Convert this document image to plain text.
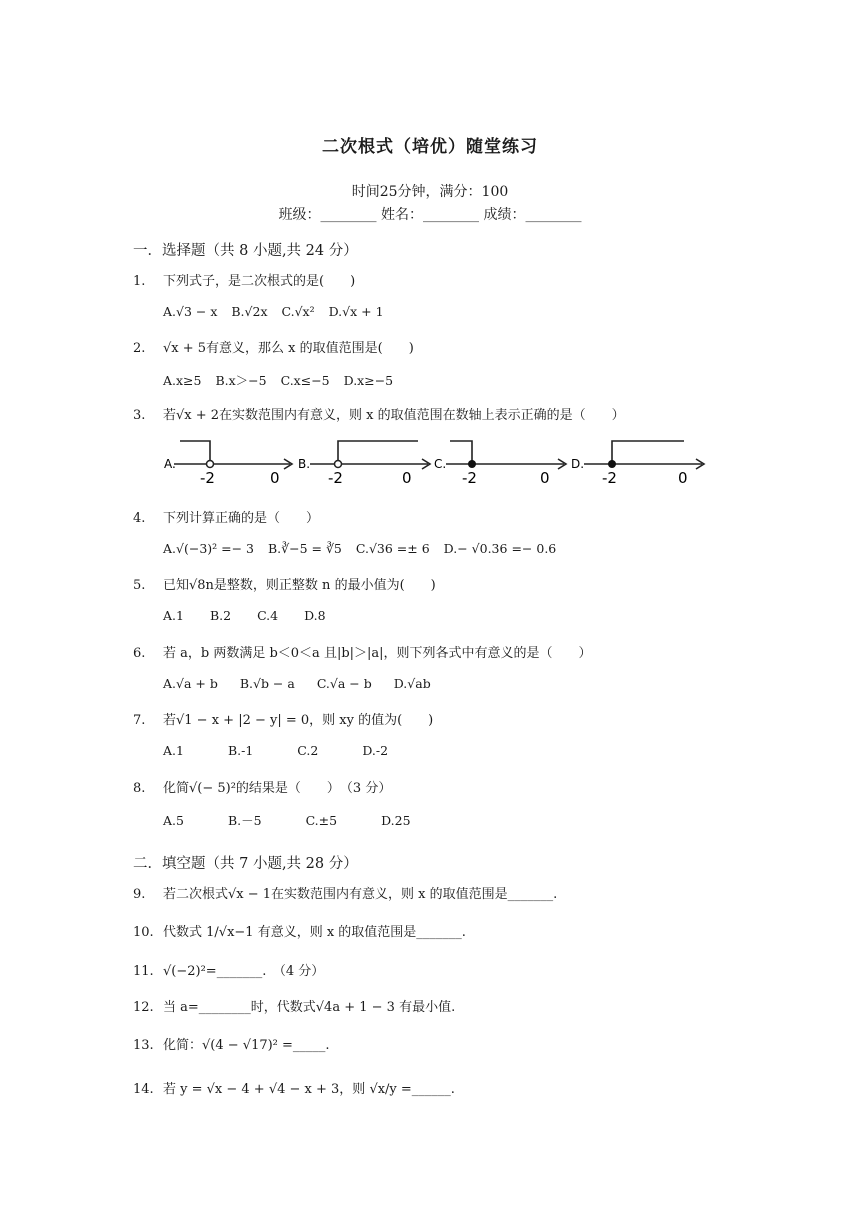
二次根式（培优）随堂练习
时间25分钟，满分：100
班级：________ 姓名：________ 成绩：________
一．选择题（共 8 小题,共 24 分）
1. 下列式子，是二次根式的是(　　)
A.√3 − x B.√2x C.√x² D.√x + 1
2. √x + 5有意义，那么 x 的取值范围是(　　)
A.x≥5 B.x＞−5 C.x≤−5 D.x≥−5
3. 若√x + 2在实数范围内有意义，则 x 的取值范围在数轴上表示正确的是（　　）
A.
-2	0
B.
-2	0
C.
-2	0
D.
-2	0
4. 下列计算正确的是（　　）
A.√(−3)² =− 3 B.∛−5 = ∛5 C.√36 =± 6 D.− √0.36 =− 0.6
5. 已知√8n是整数，则正整数 n 的最小值为(　　)
A.1 B.2 C.4 D.8
6. 若 a，b 两数满足 b＜0＜a 且|b|＞|a|，则下列各式中有意义的是（　　）
A.√a + b B.√b − a C.√a − b D.√ab
7. 若√1 − x + |2 − y| = 0，则 xy 的值为(　　)
A.1	B.-1	C.2	D.-2
8. 化简√(− 5)²的结果是（　　）　（3 分）
A.5	B.－5	C.±5	D.25
二．填空题（共 7 小题,共 28 分）
9. 若二次根式√x − 1在实数范围内有意义，则 x 的取值范围是_______.
10. 代数式 1/√x−1 有意义，则 x 的取值范围是_______.
11. √(−2)²=_______.　（4 分）
12. 当 a=________时，代数式√4a + 1 − 3 有最小值.
13. 化简：√(4 − √17)² =_____.
14. 若 y = √x − 4 + √4 − x + 3，则 √x/y =______.
